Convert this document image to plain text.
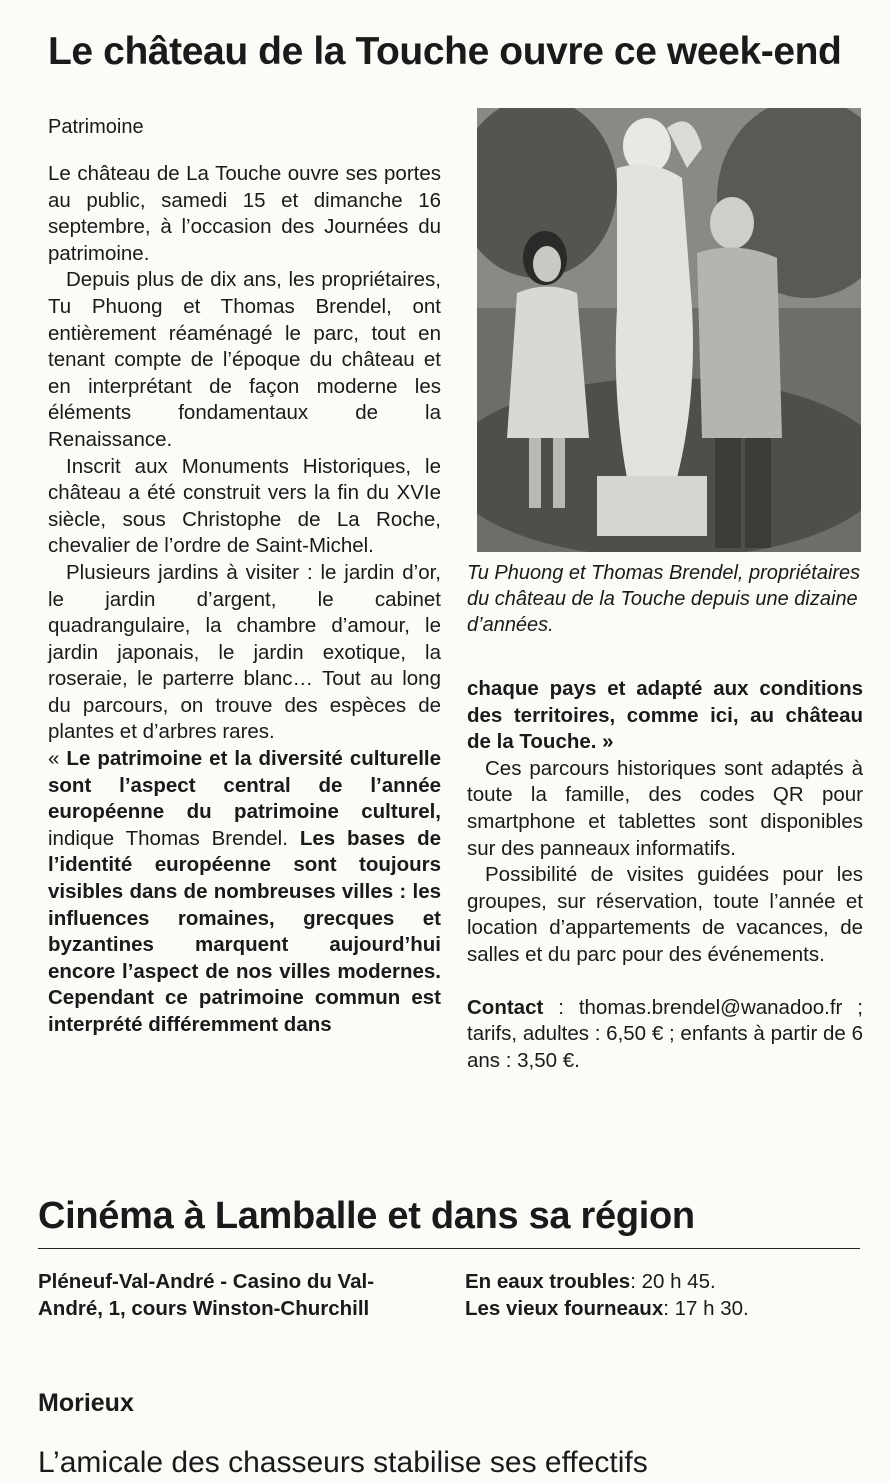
Le château de la Touche ouvre ce week-end
Patrimoine

Le château de La Touche ouvre ses portes au public, samedi 15 et dimanche 16 septembre, à l’occasion des Journées du patrimoine.

Depuis plus de dix ans, les propriétaires, Tu Phuong et Thomas Brendel, ont entièrement réaménagé le parc, tout en tenant compte de l’époque du château et en interprétant de façon moderne les éléments fondamentaux de la Renaissance.

Inscrit aux Monuments Historiques, le château a été construit vers la fin du XVIe siècle, sous Christophe de La Roche, chevalier de l’ordre de Saint-Michel.

Plusieurs jardins à visiter : le jardin d’or, le jardin d’argent, le cabinet quadrangulaire, la chambre d’amour, le jardin japonais, le jardin exotique, la roseraie, le parterre blanc… Tout au long du parcours, on trouve des espèces de plantes et d’arbres rares.

« Le patrimoine et la diversité culturelle sont l’aspect central de l’année européenne du patrimoine culturel, indique Thomas Brendel. Les bases de l’identité européenne sont toujours visibles dans de nombreuses villes : les influences romaines, grecques et byzantines marquent aujourd’hui encore l’aspect de nos villes modernes. Cependant ce patrimoine commun est interprété différemment dans

Tu Phuong et Thomas Brendel, propriétaires du château de la Touche depuis une dizaine d’années.

chaque pays et adapté aux conditions des territoires, comme ici, au château de la Touche. »

Ces parcours historiques sont adaptés à toute la famille, des codes QR pour smartphone et tablettes sont disponibles sur des panneaux informatifs.

Possibilité de visites guidées pour les groupes, sur réservation, toute l’année et location d’appartements de vacances, de salles et du parc pour des événements.

Contact : thomas.brendel@wanadoo.fr ; tarifs, adultes : 6,50 € ; enfants à partir de 6 ans : 3,50 €.

Cinéma à Lamballe et dans sa région
Pléneuf-Val-André - Casino du Val-André, 1, cours Winston-Churchill
En eaux troubles: 20 h 45.
Les vieux fourneaux: 17 h 30.
Morieux
L’amicale des chasseurs stabilise ses effectifs
